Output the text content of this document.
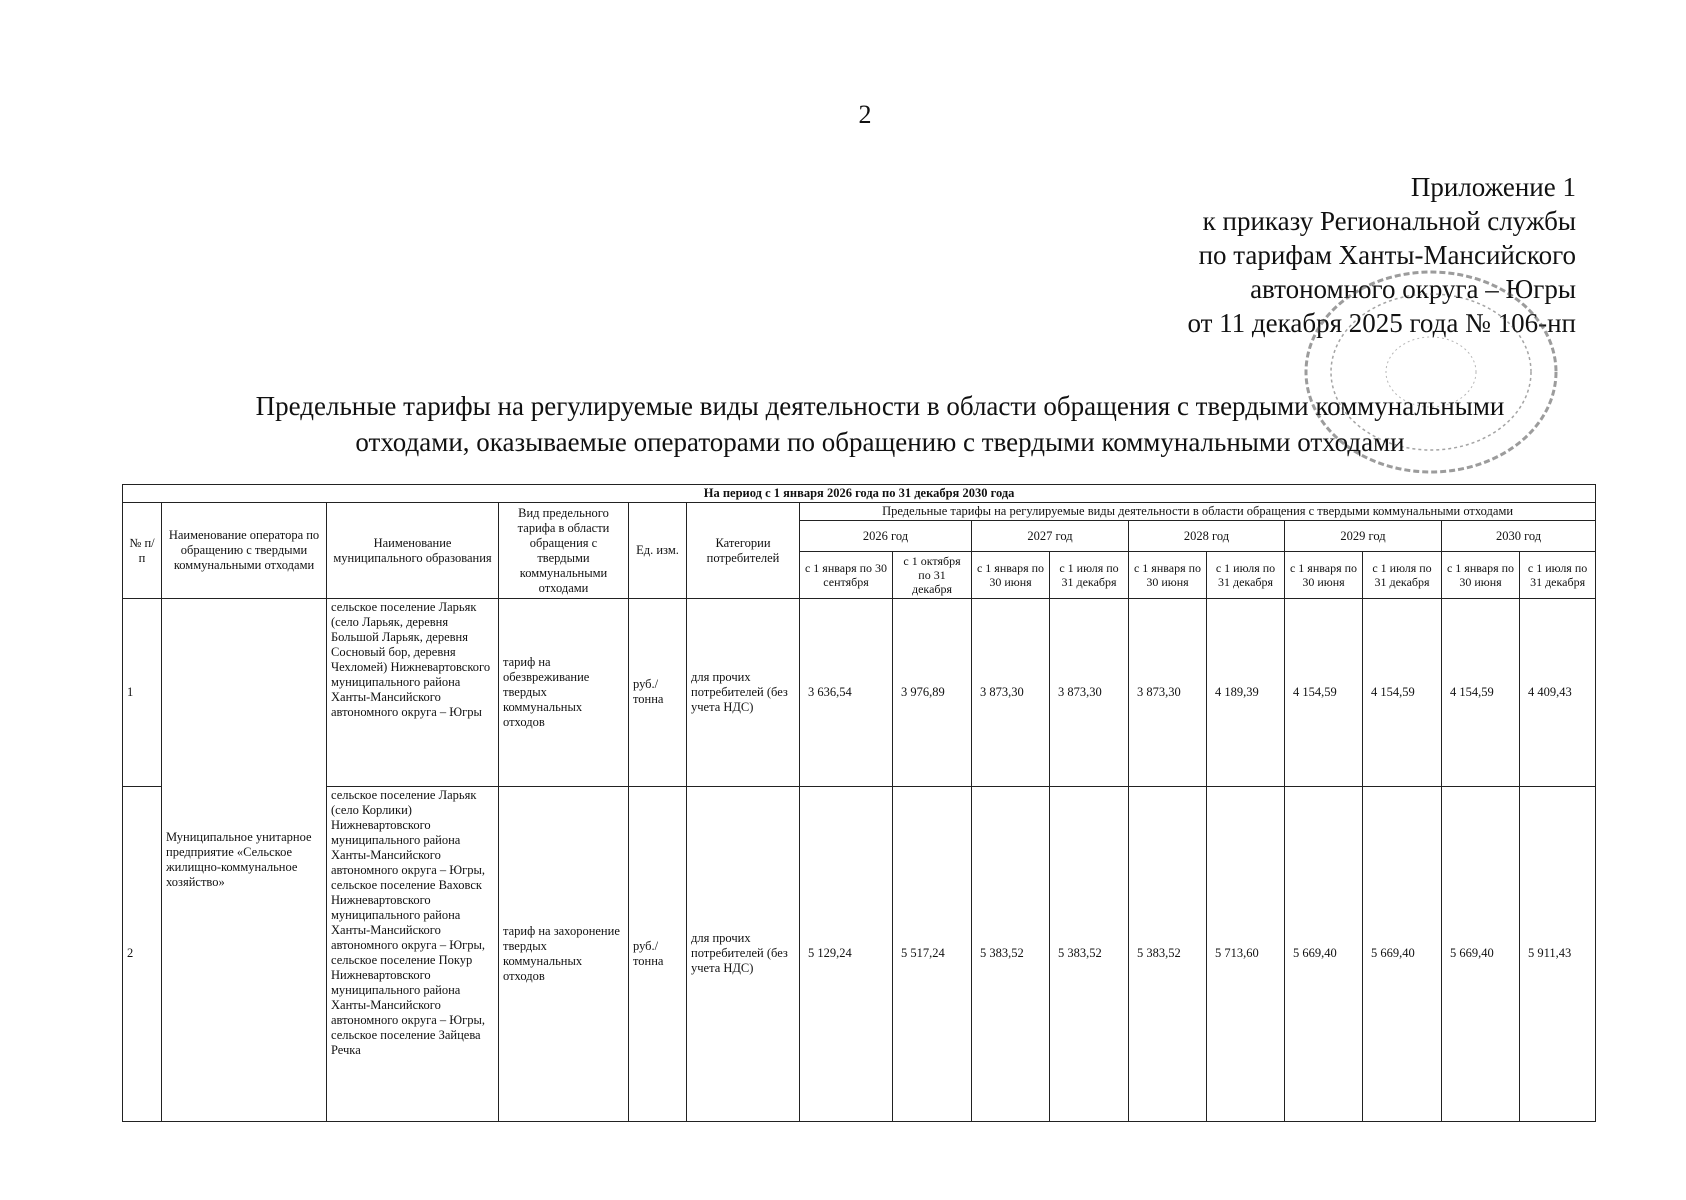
2
Приложение 1
к приказу Региональной службы
по тарифам Ханты-Мансийского
автономного округа – Югры
от 11 декабря 2025 года № 106-нп
Предельные тарифы на регулируемые виды деятельности в области обращения с твердыми коммунальными
отходами, оказываемые операторами по обращению с твердыми коммунальными отходами
На период с 1 января 2026 года по 31 декабря 2030 года															
№ п/п	Наименование оператора по обращению с твердыми коммунальными отходами	Наименование муниципального образования	Вид предельного тарифа в области обращения с твердыми коммунальными отходами	Ед. изм.	Категории потребителей	Предельные тарифы на регулируемые виды деятельности в области обращения с твердыми коммунальными отходами									
						2026 год		2027 год		2028 год		2029 год		2030 год	
						с 1 января по 30 сентября	с 1 октября по 31 декабря	с 1 января по 30 июня	с 1 июля по 31 декабря	с 1 января по 30 июня	с 1 июля по 31 декабря	с 1 января по 30 июня	с 1 июля по 31 декабря	с 1 января по 30 июня	с 1 июля по 31 декабря
1	Муниципальное унитарное предприятие «Сельское жилищно-коммунальное хозяйство»	сельское поселение Ларьяк (село Ларьяк, деревня Большой Ларьяк, деревня Сосновый бор, деревня Чехломей) Нижневартовского муниципального района Ханты-Мансийского автономного округа – Югры	тариф на обезвреживание твердых коммунальных отходов	руб./тонна	для прочих потребителей (без учета НДС)	3 636,54	3 976,89	3 873,30	3 873,30	3 873,30	4 189,39	4 154,59	4 154,59	4 154,59	4 409,43
2		сельское поселение Ларьяк (село Корлики) Нижневартовского муниципального района Ханты-Мансийского автономного округа – Югры, сельское поселение Ваховск Нижневартовского муниципального района Ханты-Мансийского автономного округа – Югры, сельское поселение Покур Нижневартовского муниципального района Ханты-Мансийского автономного округа – Югры, сельское поселение Зайцева Речка	тариф на захоронение твердых коммунальных отходов	руб./тонна	для прочих потребителей (без учета НДС)	5 129,24	5 517,24	5 383,52	5 383,52	5 383,52	5 713,60	5 669,40	5 669,40	5 669,40	5 911,43
